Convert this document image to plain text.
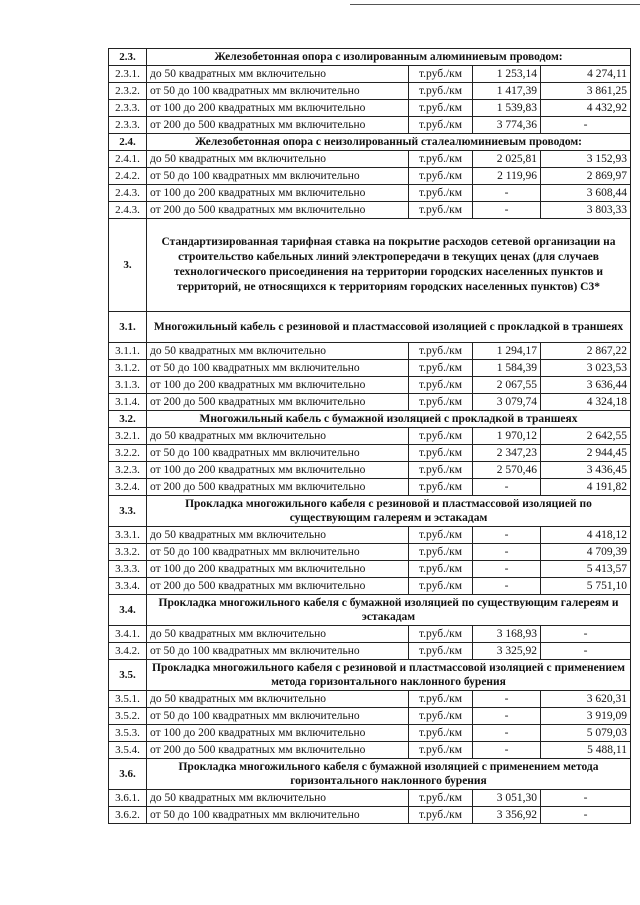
2.3.	Железобетонная опора с изолированным алюминиевым проводом:			
2.3.1.	до 50 квадратных мм включительно	т.руб./км	1 253,14	4 274,11
2.3.2.	от 50 до 100 квадратных мм включительно	т.руб./км	1 417,39	3 861,25
2.3.3.	от 100 до 200 квадратных мм включительно	т.руб./км	1 539,83	4 432,92
2.3.3.	от 200 до 500 квадратных мм включительно	т.руб./км	3 774,36	-
2.4.	Железобетонная опора с неизолированный сталеалюминиевым проводом:			
2.4.1.	до 50 квадратных мм включительно	т.руб./км	2 025,81	3 152,93
2.4.2.	от 50 до 100 квадратных мм включительно	т.руб./км	2 119,96	2 869,97
2.4.3.	от 100 до 200 квадратных мм включительно	т.руб./км	-	3 608,44
2.4.3.	от 200 до 500 квадратных мм включительно	т.руб./км	-	3 803,33
3.	Стандартизированная тарифная ставка на покрытие расходов сетевой организации на строительство кабельных линий электропередачи в текущих ценах (для случаев технологического присоединения на территории городских населенных пунктов и территорий, не относящихся к территориям городских населенных пунктов) С3*			
3.1.	Многожильный кабель с резиновой и пластмассовой изоляцией с прокладкой в траншеях			
3.1.1.	до 50 квадратных мм включительно	т.руб./км	1 294,17	2 867,22
3.1.2.	от 50 до 100 квадратных мм включительно	т.руб./км	1 584,39	3 023,53
3.1.3.	от 100 до 200 квадратных мм включительно	т.руб./км	2 067,55	3 636,44
3.1.4.	от 200 до 500 квадратных мм включительно	т.руб./км	3 079,74	4 324,18
3.2.	Многожильный кабель с бумажной изоляцией с прокладкой в траншеях			
3.2.1.	до 50 квадратных мм включительно	т.руб./км	1 970,12	2 642,55
3.2.2.	от 50 до 100 квадратных мм включительно	т.руб./км	2 347,23	2 944,45
3.2.3.	от 100 до 200 квадратных мм включительно	т.руб./км	2 570,46	3 436,45
3.2.4.	от 200 до 500 квадратных мм включительно	т.руб./км	-	4 191,82
3.3.	Прокладка многожильного кабеля с резиновой и пластмассовой изоляцией по существующим галереям и эстакадам			
3.3.1.	до 50 квадратных мм включительно	т.руб./км	-	4 418,12
3.3.2.	от 50 до 100 квадратных мм включительно	т.руб./км	-	4 709,39
3.3.3.	от 100 до 200 квадратных мм включительно	т.руб./км	-	5 413,57
3.3.4.	от 200 до 500 квадратных мм включительно	т.руб./км	-	5 751,10
3.4.	Прокладка многожильного кабеля с бумажной изоляцией по существующим галереям и эстакадам			
3.4.1.	до 50 квадратных мм включительно	т.руб./км	3 168,93	-
3.4.2.	от 50 до 100 квадратных мм включительно	т.руб./км	3 325,92	-
3.5.	Прокладка многожильного кабеля с резиновой и пластмассовой изоляцией с применением метода горизонтального наклонного бурения			
3.5.1.	до 50 квадратных мм включительно	т.руб./км	-	3 620,31
3.5.2.	от 50 до 100 квадратных мм включительно	т.руб./км	-	3 919,09
3.5.3.	от 100 до 200 квадратных мм включительно	т.руб./км	-	5 079,03
3.5.4.	от 200 до 500 квадратных мм включительно	т.руб./км	-	5 488,11
3.6.	Прокладка многожильного кабеля с бумажной изоляцией с применением метода горизонтального наклонного бурения			
3.6.1.	до 50 квадратных мм включительно	т.руб./км	3 051,30	-
3.6.2.	от 50 до 100 квадратных мм включительно	т.руб./км	3 356,92	-
